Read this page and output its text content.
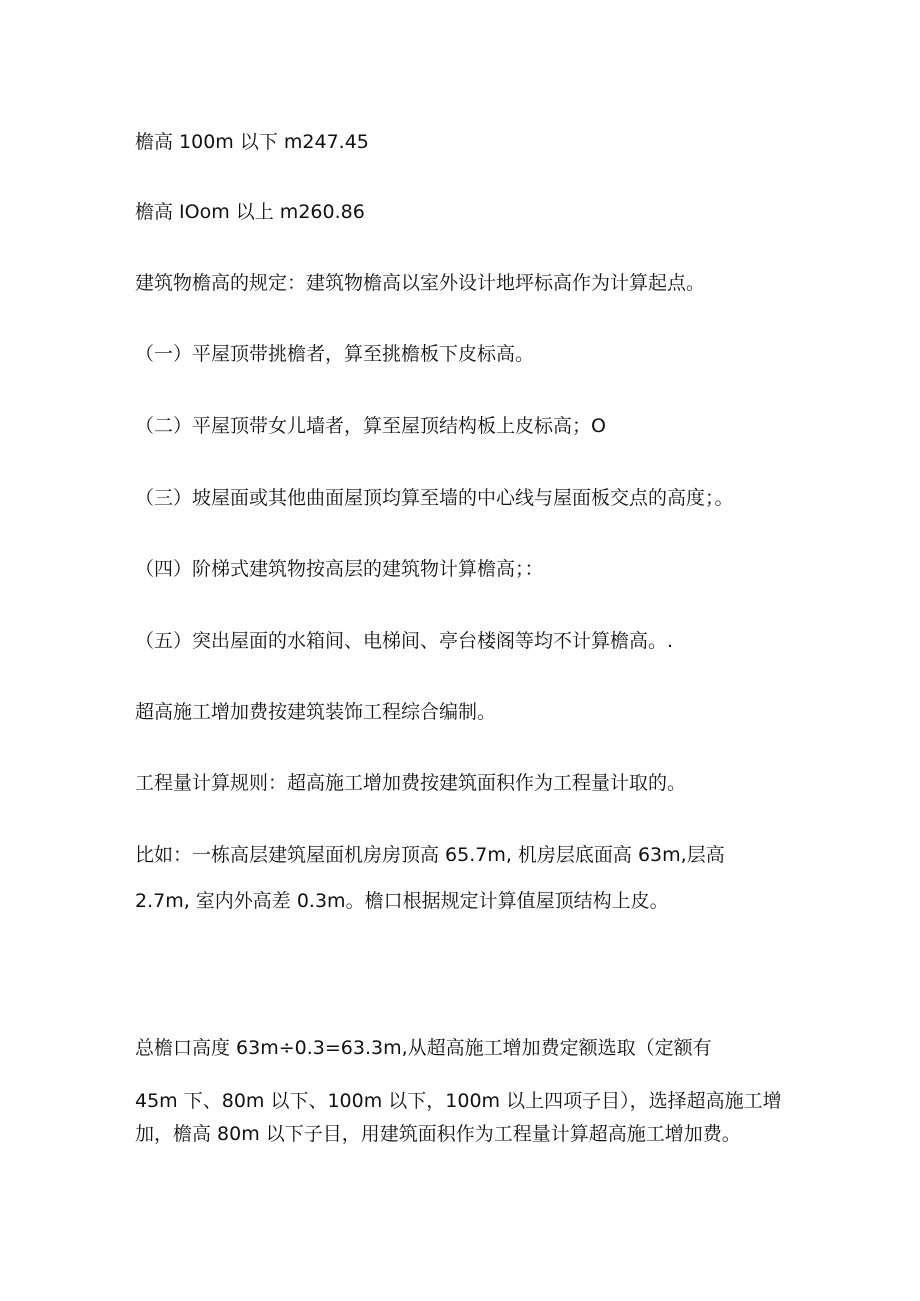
檐高 100m 以下 m247.45
檐高 IOom 以上 m260.86
建筑物檐高的规定：建筑物檐高以室外设计地坪标高作为计算起点。
（一）平屋顶带挑檐者，算至挑檐板下皮标高。
（二）平屋顶带女儿墙者，算至屋顶结构板上皮标高；O
（三）坡屋面或其他曲面屋顶均算至墙的中心线与屋面板交点的高度；。
（四）阶梯式建筑物按高层的建筑物计算檐高；：
（五）突出屋面的水箱间、电梯间、亭台楼阁等均不计算檐高。.
超高施工增加费按建筑装饰工程综合编制。
工程量计算规则：超高施工增加费按建筑面积作为工程量计取的。
比如：一栋高层建筑屋面机房房顶高 65.7m, 机房层底面高 63m,层高
2.7m, 室内外高差 0.3m。檐口根据规定计算值屋顶结构上皮。
总檐口高度 63m÷0.3=63.3m,从超高施工增加费定额选取（定额有
45m 下、80m 以下、100m 以下，100m 以上四项子目），选择超高施工增
加，檐高 80m 以下子目，用建筑面积作为工程量计算超高施工增加费。
